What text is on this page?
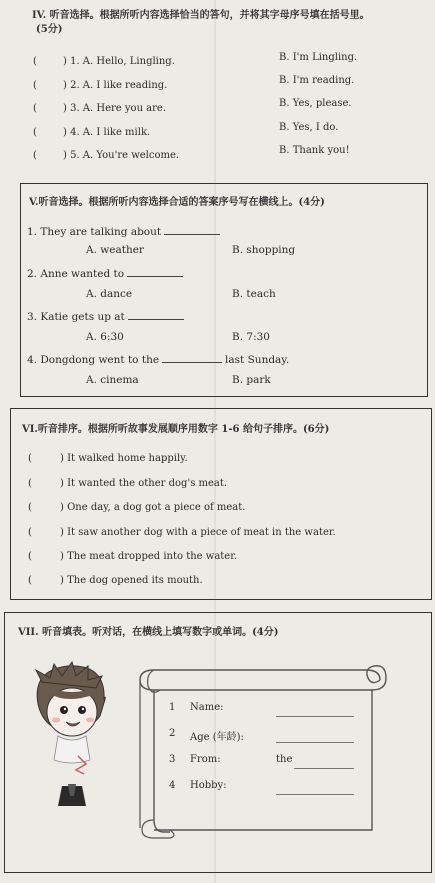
IV. 听音选择。根据所听内容选择恰当的答句，并将其字母序号填在括号里。
(5分)
(	) 1. A. Hello, Lingling.	B. I'm Lingling.
(	) 2. A. I like reading.	B. I'm reading.
(	) 3. A. Here you are.	B. Yes, please.
(	) 4. A. I like milk.	B. Yes, I do.
(	) 5. A. You're welcome.	B. Thank you!
V.听音选择。根据所听内容选择合适的答案序号写在横线上。(4分)
1. They are talking about
A. weather	B. shopping
2. Anne wanted to
A. dance	B. teach
3. Katie gets up at
A. 6:30	B. 7:30
4. Dongdong went to the	last Sunday.
A. cinema	B. park
VI.听音排序。根据所听故事发展顺序用数字 1-6 给句子排序。(6分)
(	) It walked home happily.
(	) It wanted the other dog's meat.
(	) One day, a dog got a piece of meat.
(	) It saw another dog with a piece of meat in the water.
(	) The meat dropped into the water.
(	) The dog opened its mouth.
VII. 听音填表。听对话，在横线上填写数字或单词。(4分)
1 Name:
2 Age (年龄):
3 From:	the
4 Hobby:
